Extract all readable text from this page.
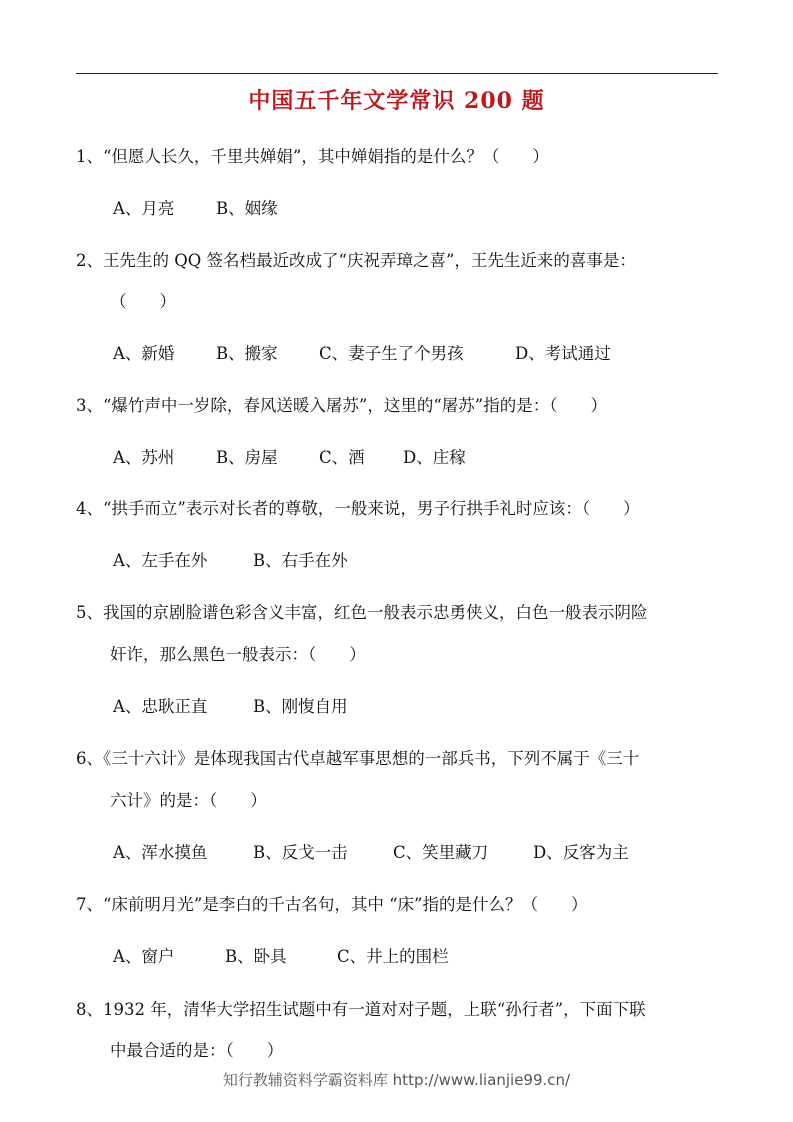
中国五千年文学常识 200 题
1、“但愿人长久，千里共婵娟”，其中婵娟指的是什么？（　　）
A、月亮	B、姻缘
2、王先生的 QQ 签名档最近改成了“庆祝弄璋之喜”，王先生近来的喜事是：
（　　）
A、新婚	B、搬家	C、妻子生了个男孩	D、考试通过
3、“爆竹声中一岁除，春风送暖入屠苏”，这里的“屠苏”指的是：（　　）
A、苏州	B、房屋	C、酒 D、庄稼
4、“拱手而立”表示对长者的尊敬，一般来说，男子行拱手礼时应该：（　　）
A、左手在外	B、右手在外
5、我国的京剧脸谱色彩含义丰富，红色一般表示忠勇侠义，白色一般表示阴险
奸诈，那么黑色一般表示：（　　）
A、忠耿正直	B、刚愎自用
6、《三十六计》是体现我国古代卓越军事思想的一部兵书，下列不属于《三十
六计》的是：（　　）
A、浑水摸鱼	B、反戈一击	C、笑里藏刀	D、反客为主
7、“床前明月光”是李白的千古名句，其中 “床”指的是什么？（　　）
A、窗户	B、卧具	C、井上的围栏
8、1932 年，清华大学招生试题中有一道对对子题，上联“孙行者”，下面下联
中最合适的是：（　　）
知行教辅资料学霸资料库 http://www.lianjie99.cn/
